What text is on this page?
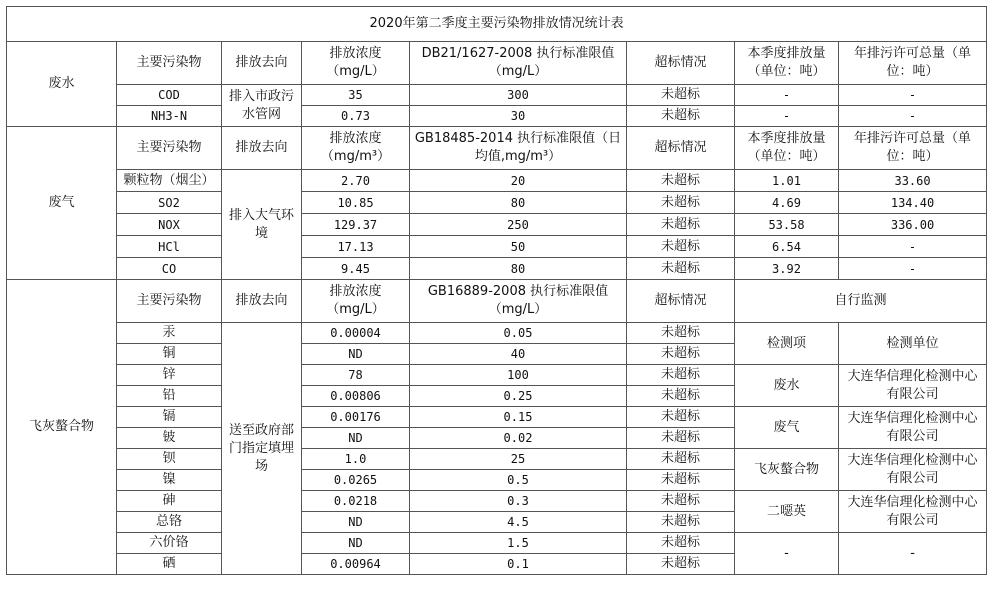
2020年第二季度主要污染物排放情况统计表							
废水	主要污染物	排放去向	排放浓度（mg/L）	DB21/1627-2008 执行标准限值（mg/L）	超标情况	本季度排放量（单位：吨）	年排污许可总量（单位：吨）
	COD	排入市政污水管网	35	300	未超标	-	-
	NH3-N		0.73	30	未超标	-	-
废气	主要污染物	排放去向	排放浓度（mg/m³）	GB18485-2014 执行标准限值（日均值,mg/m³）	超标情况	本季度排放量（单位：吨）	年排污许可总量（单位：吨）
	颗粒物（烟尘）	排入大气环境	2.70	20	未超标	1.01	33.60
	SO2		10.85	80	未超标	4.69	134.40
	NOX		129.37	250	未超标	53.58	336.00
	HCl		17.13	50	未超标	6.54	-
	CO		9.45	80	未超标	3.92	-
飞灰螯合物	主要污染物	排放去向	排放浓度（mg/L）	GB16889-2008 执行标准限值（mg/L）	超标情况	自行监测	
	汞	送至政府部门指定填埋场	0.00004	0.05	未超标	检测项	检测单位
	铜		ND	40	未超标		
	锌		78	100	未超标	废水	大连华信理化检测中心有限公司
	铅		0.00806	0.25	未超标		
	镉		0.00176	0.15	未超标	废气	大连华信理化检测中心有限公司
	铍		ND	0.02	未超标		
	钡		1.0	25	未超标	飞灰螯合物	大连华信理化检测中心有限公司
	镍		0.0265	0.5	未超标		
	砷		0.0218	0.3	未超标	二噁英	大连华信理化检测中心有限公司
	总铬		ND	4.5	未超标		
	六价铬		ND	1.5	未超标	-	-
	硒		0.00964	0.1	未超标		
